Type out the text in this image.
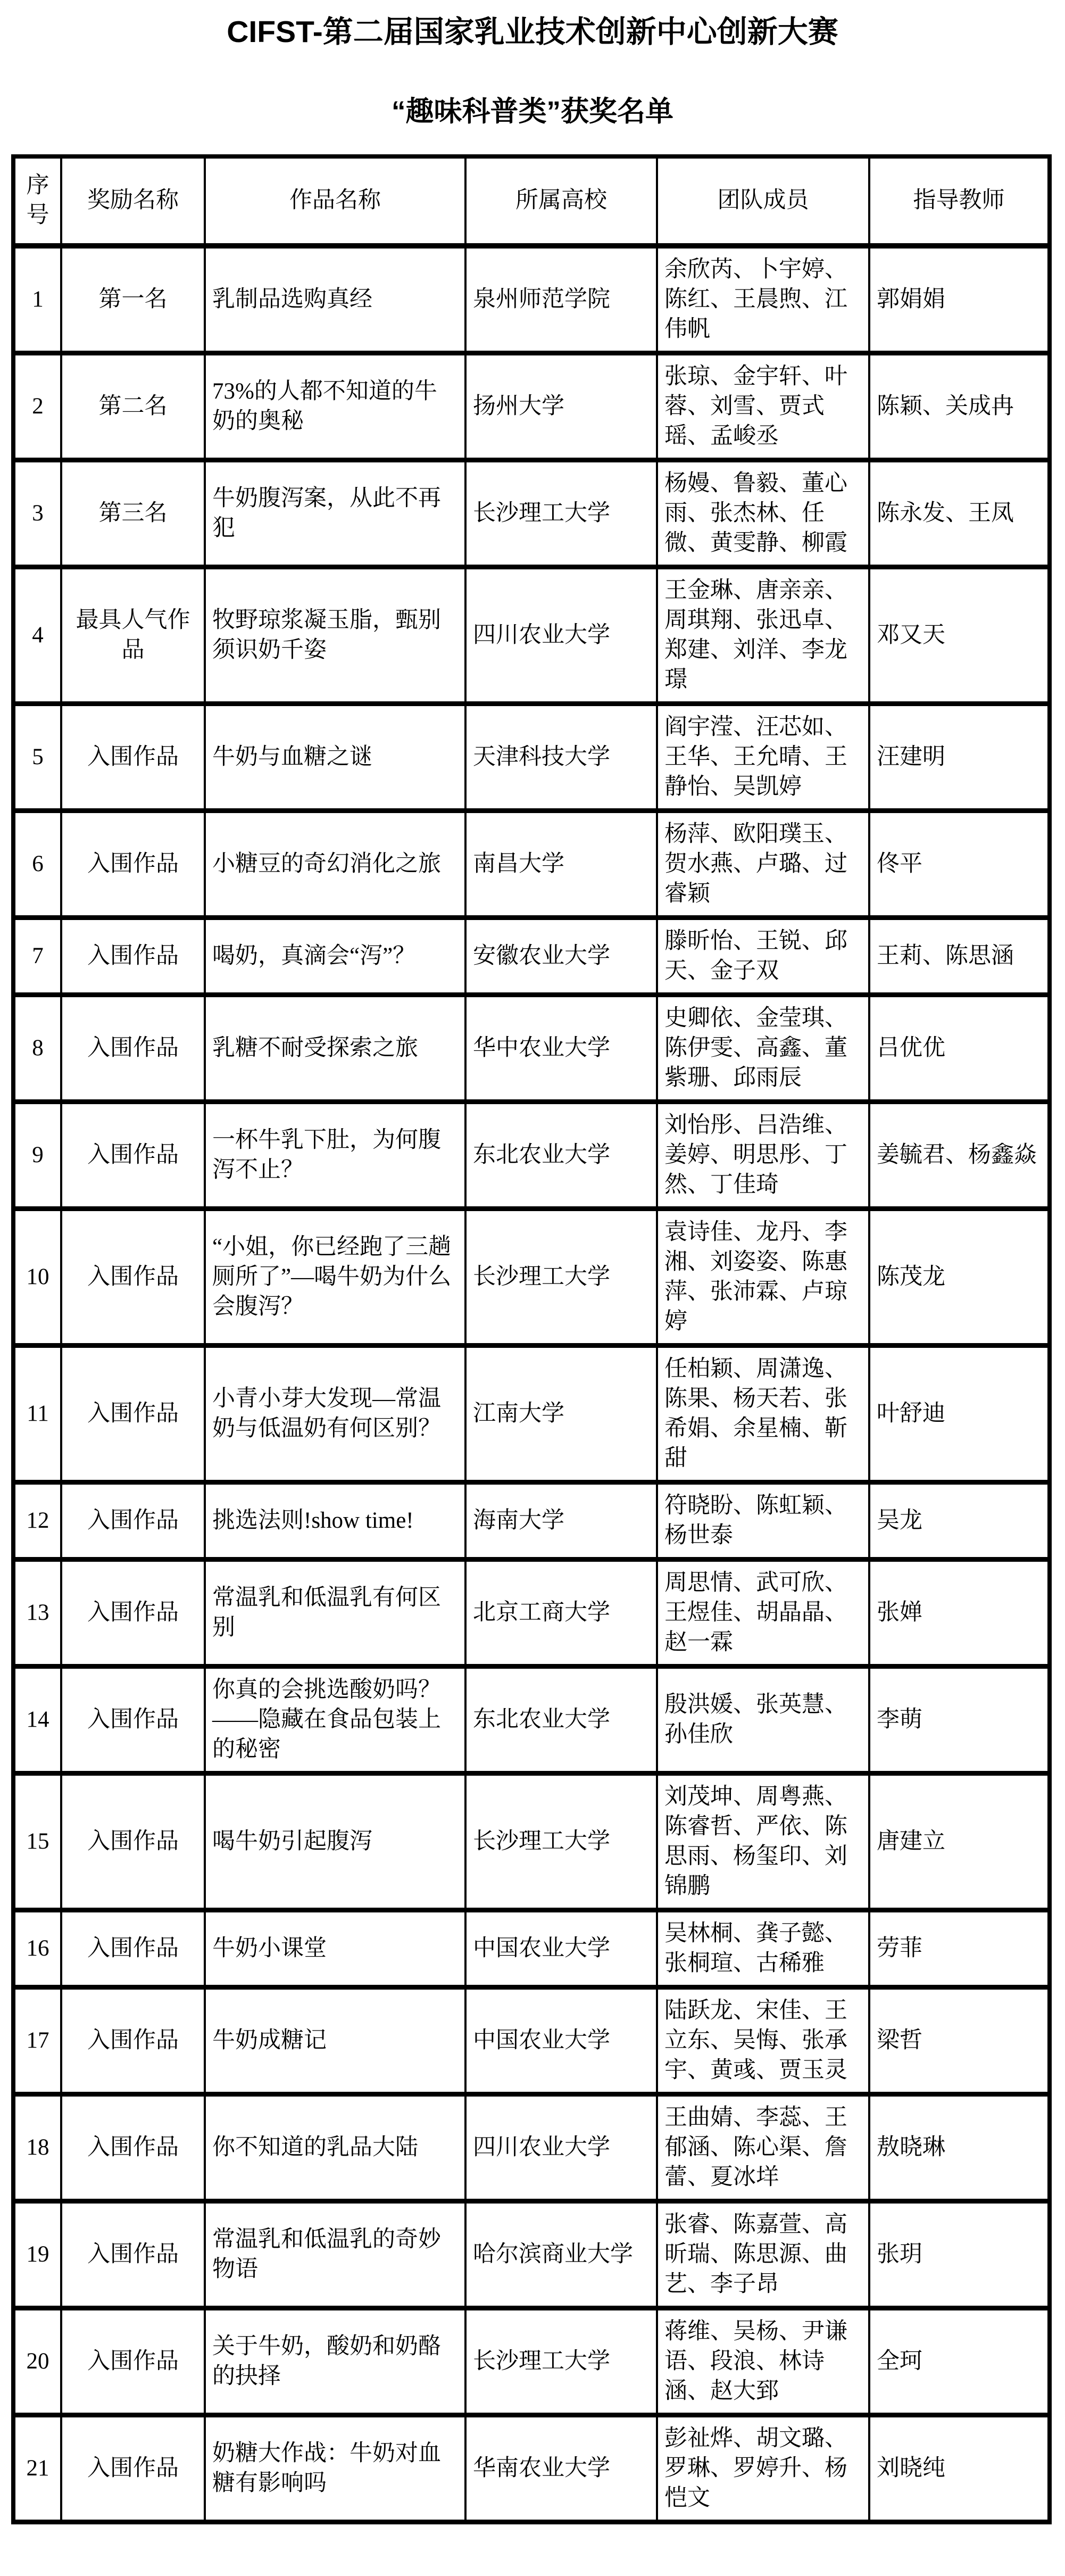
CIFST-第二届国家乳业技术创新中心创新大赛
“趣味科普类”获奖名单
序号	奖励名称	作品名称	所属高校	团队成员	指导教师
1	第一名	乳制品选购真经	泉州师范学院	余欣芮、卜宇婷、陈红、王晨煦、江伟帆	郭娟娟
2	第二名	73%的人都不知道的牛奶的奥秘	扬州大学	张琼、金宇轩、叶蓉、刘雪、贾式瑶、孟峻丞	陈颖、关成冉
3	第三名	牛奶腹泻案，从此不再犯	长沙理工大学	杨嫚、鲁毅、董心雨、张杰林、任微、黄雯静、柳霞	陈永发、王凤
4	最具人气作品	牧野琼浆凝玉脂，甄别须识奶千姿	四川农业大学	王金琳、唐亲亲、周琪翔、张迅卓、郑建、刘洋、李龙璟	邓又天
5	入围作品	牛奶与血糖之谜	天津科技大学	阎宇滢、汪芯如、王华、王允晴、王静怡、吴凯婷	汪建明
6	入围作品	小糖豆的奇幻消化之旅	南昌大学	杨萍、欧阳璞玉、贺水燕、卢璐、过睿颖	佟平
7	入围作品	喝奶，真滴会“泻”？	安徽农业大学	滕昕怡、王锐、邱天、金子双	王莉、陈思涵
8	入围作品	乳糖不耐受探索之旅	华中农业大学	史卿依、金莹琪、陈伊雯、高鑫、董紫珊、邱雨辰	吕优优
9	入围作品	一杯牛乳下肚，为何腹泻不止？	东北农业大学	刘怡彤、吕浩维、姜婷、明思彤、丁然、丁佳琦	姜毓君、杨鑫焱
10	入围作品	“小姐，你已经跑了三趟厕所了”—喝牛奶为什么会腹泻？	长沙理工大学	袁诗佳、龙丹、李湘、刘姿姿、陈惠萍、张沛霖、卢琼婷	陈茂龙
11	入围作品	小青小芽大发现—常温奶与低温奶有何区别？	江南大学	任柏颖、周潇逸、陈果、杨天若、张希娟、余星楠、靳甜	叶舒迪
12	入围作品	挑选法则!show time!	海南大学	符晓盼、陈虹颖、杨世泰	吴龙
13	入围作品	常温乳和低温乳有何区别	北京工商大学	周思情、武可欣、王煜佳、胡晶晶、赵一霖	张婵
14	入围作品	你真的会挑选酸奶吗？——隐藏在食品包装上的秘密	东北农业大学	殷洪媛、张英慧、孙佳欣	李萌
15	入围作品	喝牛奶引起腹泻	长沙理工大学	刘茂坤、周粤燕、陈睿哲、严依、陈思雨、杨玺印、刘锦鹏	唐建立
16	入围作品	牛奶小课堂	中国农业大学	吴林桐、龚子懿、张桐瑄、古稀雅	劳菲
17	入围作品	牛奶成糖记	中国农业大学	陆跃龙、宋佳、王立东、吴悔、张承宇、黄彧、贾玉灵	梁哲
18	入围作品	你不知道的乳品大陆	四川农业大学	王曲婧、李蕊、王郁涵、陈心渠、詹蕾、夏冰垟	敖晓琳
19	入围作品	常温乳和低温乳的奇妙物语	哈尔滨商业大学	张睿、陈嘉萱、高昕瑞、陈思源、曲艺、李子昂	张玥
20	入围作品	关于牛奶，酸奶和奶酪的抉择	长沙理工大学	蒋维、吴杨、尹谦语、段浪、林诗涵、赵大郅	全珂
21	入围作品	奶糖大作战：牛奶对血糖有影响吗	华南农业大学	彭祉烨、胡文璐、罗琳、罗婷升、杨恺文	刘晓纯
